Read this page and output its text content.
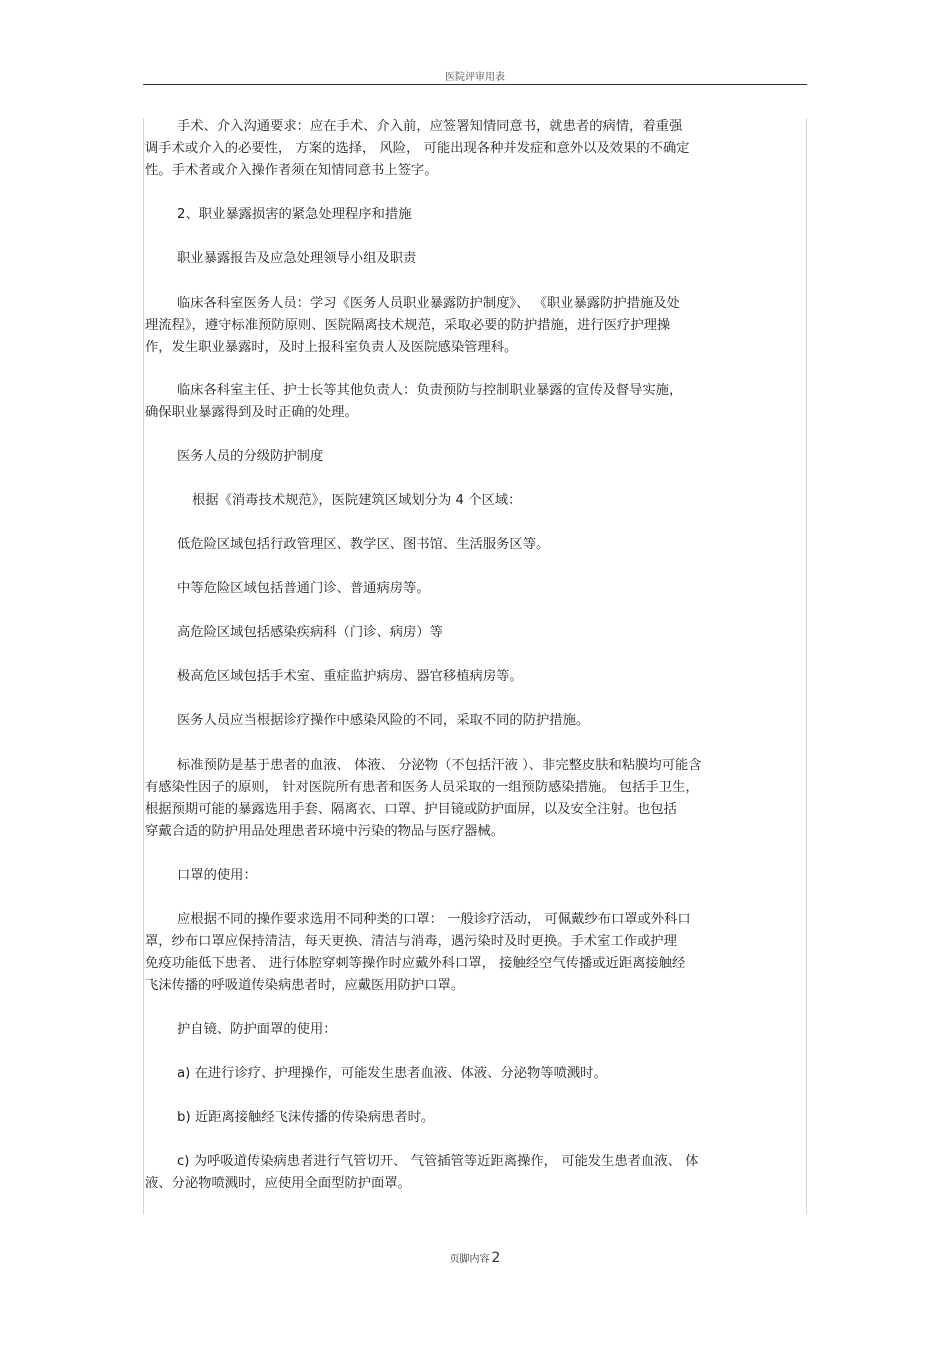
医院评审用表
手术、介入沟通要求：应在手术、介入前，应签署知情同意书，就患者的病情，着重强
调手术或介入的必要性， 方案的选择， 风险， 可能出现各种并发症和意外以及效果的不确定
性。手术者或介入操作者须在知情同意书上签字。
2、职业暴露损害的紧急处理程序和措施
职业暴露报告及应急处理领导小组及职责
临床各科室医务人员：学习《医务人员职业暴露防护制度》、 《职业暴露防护措施及处
理流程》，遵守标准预防原则、医院隔离技术规范，采取必要的防护措施，进行医疗护理操
作，发生职业暴露时，及时上报科室负责人及医院感染管理科。
临床各科室主任、护士长等其他负责人：负责预防与控制职业暴露的宣传及督导实施，
确保职业暴露得到及时正确的处理。
医务人员的分级防护制度
根据《消毒技术规范》，医院建筑区域划分为 4 个区域：
低危险区域包括行政管理区、教学区、图书馆、生活服务区等。
中等危险区域包括普通门诊、普通病房等。
高危险区域包括感染疾病科（门诊、病房）等
极高危区域包括手术室、重症监护病房、器官移植病房等。
医务人员应当根据诊疗操作中感染风险的不同，采取不同的防护措施。
标准预防是基于患者的血液、 体液、 分泌物（不包括汗液 ）、非完整皮肤和粘膜均可能含
有感染性因子的原则， 针对医院所有患者和医务人员采取的一组预防感染措施。 包括手卫生，
根据预期可能的暴露选用手套、隔离衣、口罩、护目镜或防护面屏，以及安全注射。也包括
穿戴合适的防护用品处理患者环境中污染的物品与医疗器械。
口罩的使用：
应根据不同的操作要求选用不同种类的口罩： 一般诊疗活动， 可佩戴纱布口罩或外科口
罩，纱布口罩应保持清洁，每天更换、清洁与消毒，遇污染时及时更换。手术室工作或护理
免疫功能低下患者、 进行体腔穿刺等操作时应戴外科口罩， 接触经空气传播或近距离接触经
飞沫传播的呼吸道传染病患者时，应戴医用防护口罩。
护自镜、防护面罩的使用：
a) 在进行诊疗、护理操作，可能发生患者血液、体液、分泌物等喷溅时。
b) 近距离接触经飞沫传播的传染病患者时。
c) 为呼吸道传染病患者进行气管切开、 气管插管等近距离操作， 可能发生患者血液、 体
液、分泌物喷溅时，应使用全面型防护面罩。
页脚内容 2
